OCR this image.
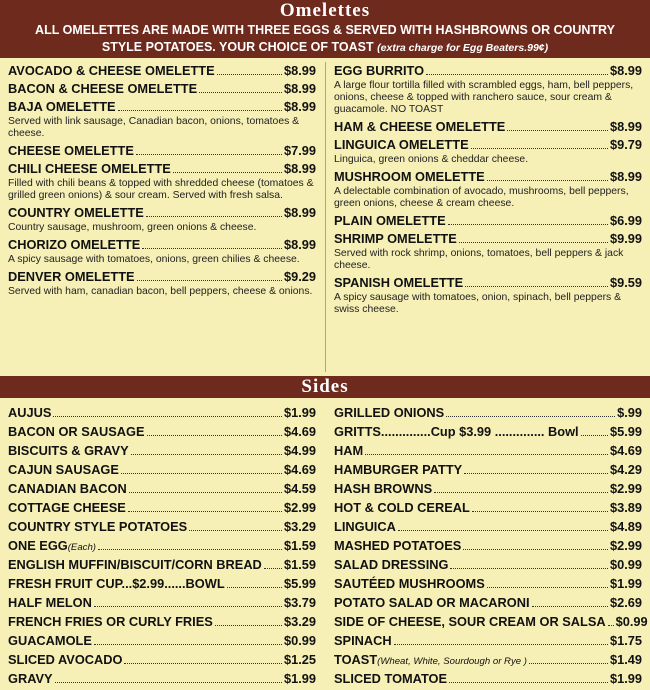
Omelettes
ALL OMELETTES ARE MADE WITH THREE EGGS & SERVED WITH HASHBROWNS OR COUNTRY
STYLE POTATOES. YOUR CHOICE OF TOAST (extra charge for Egg Beaters.99¢)
AVOCADO & CHEESE OMELETTE	$8.99
BACON & CHEESE OMELETTE	$8.99
BAJA OMELETTE	$8.99
Served with link sausage, Canadian bacon, onions, tomatoes & cheese.
CHEESE OMELETTE	$7.99
CHILI CHEESE OMELETTE	$8.99
Filled with chili beans & topped with shredded cheese (tomatoes & grilled green onions) & sour cream. Served with fresh salsa.
COUNTRY OMELETTE	$8.99
Country sausage, mushroom, green onions & cheese.
CHORIZO OMELETTE	$8.99
A spicy sausage with tomatoes, onions, green chilies & cheese.
DENVER OMELETTE	$9.29
Served with ham, canadian bacon, bell peppers, cheese & onions.
EGG BURRITO	$8.99
A large flour tortilla filled with scrambled eggs, ham, bell peppers, onions, cheese & topped with ranchero sauce, sour cream & guacamole. NO TOAST
HAM & CHEESE OMELETTE	$8.99
LINGUICA OMELETTE	$9.79
Linguica, green onions & cheddar cheese.
MUSHROOM OMELETTE	$8.99
A delectable combination of avocado, mushrooms, bell peppers, green onions, cheese & cream cheese.
PLAIN OMELETTE	$6.99
SHRIMP OMELETTE	$9.99
Served with rock shrimp, onions, tomatoes, bell peppers & jack cheese.
SPANISH OMELETTE	$9.59
A spicy sausage with tomatoes, onion, spinach, bell peppers & swiss cheese.
Sides
AUJUS	$1.99
BACON OR SAUSAGE	$4.69
BISCUITS & GRAVY	$4.99
CAJUN SAUSAGE	$4.69
CANADIAN BACON	$4.59
COTTAGE CHEESE	$2.99
COUNTRY STYLE POTATOES	$3.29
ONE EGG (Each)	$1.59
ENGLISH MUFFIN/BISCUIT/CORN BREAD $1.59
FRESH FRUIT CUP...$2.99......BOWL	$5.99
HALF MELON	$3.79
FRENCH FRIES OR CURLY FRIES	$3.29
GUACAMOLE	$0.99
SLICED AVOCADO	$1.25
GRAVY	$1.99
GRILLED ONIONS	$.99
GRITTS..............Cup $3.99 .............. Bowl $5.99
HAM	$4.69
HAMBURGER PATTY	$4.29
HASH BROWNS	$2.99
HOT & COLD CEREAL	$3.89
LINGUICA	$4.89
MASHED POTATOES	$2.99
SALAD DRESSING	$0.99
SAUTÉED MUSHROOMS	$1.99
POTATO SALAD OR MACARONI	$2.69
SIDE OF CHEESE, SOUR CREAM OR SALSA $0.99
SPINACH	$1.75
TOAST (Wheat, White, Sourdough or Rye )	$1.49
SLICED TOMATOE	$1.99
